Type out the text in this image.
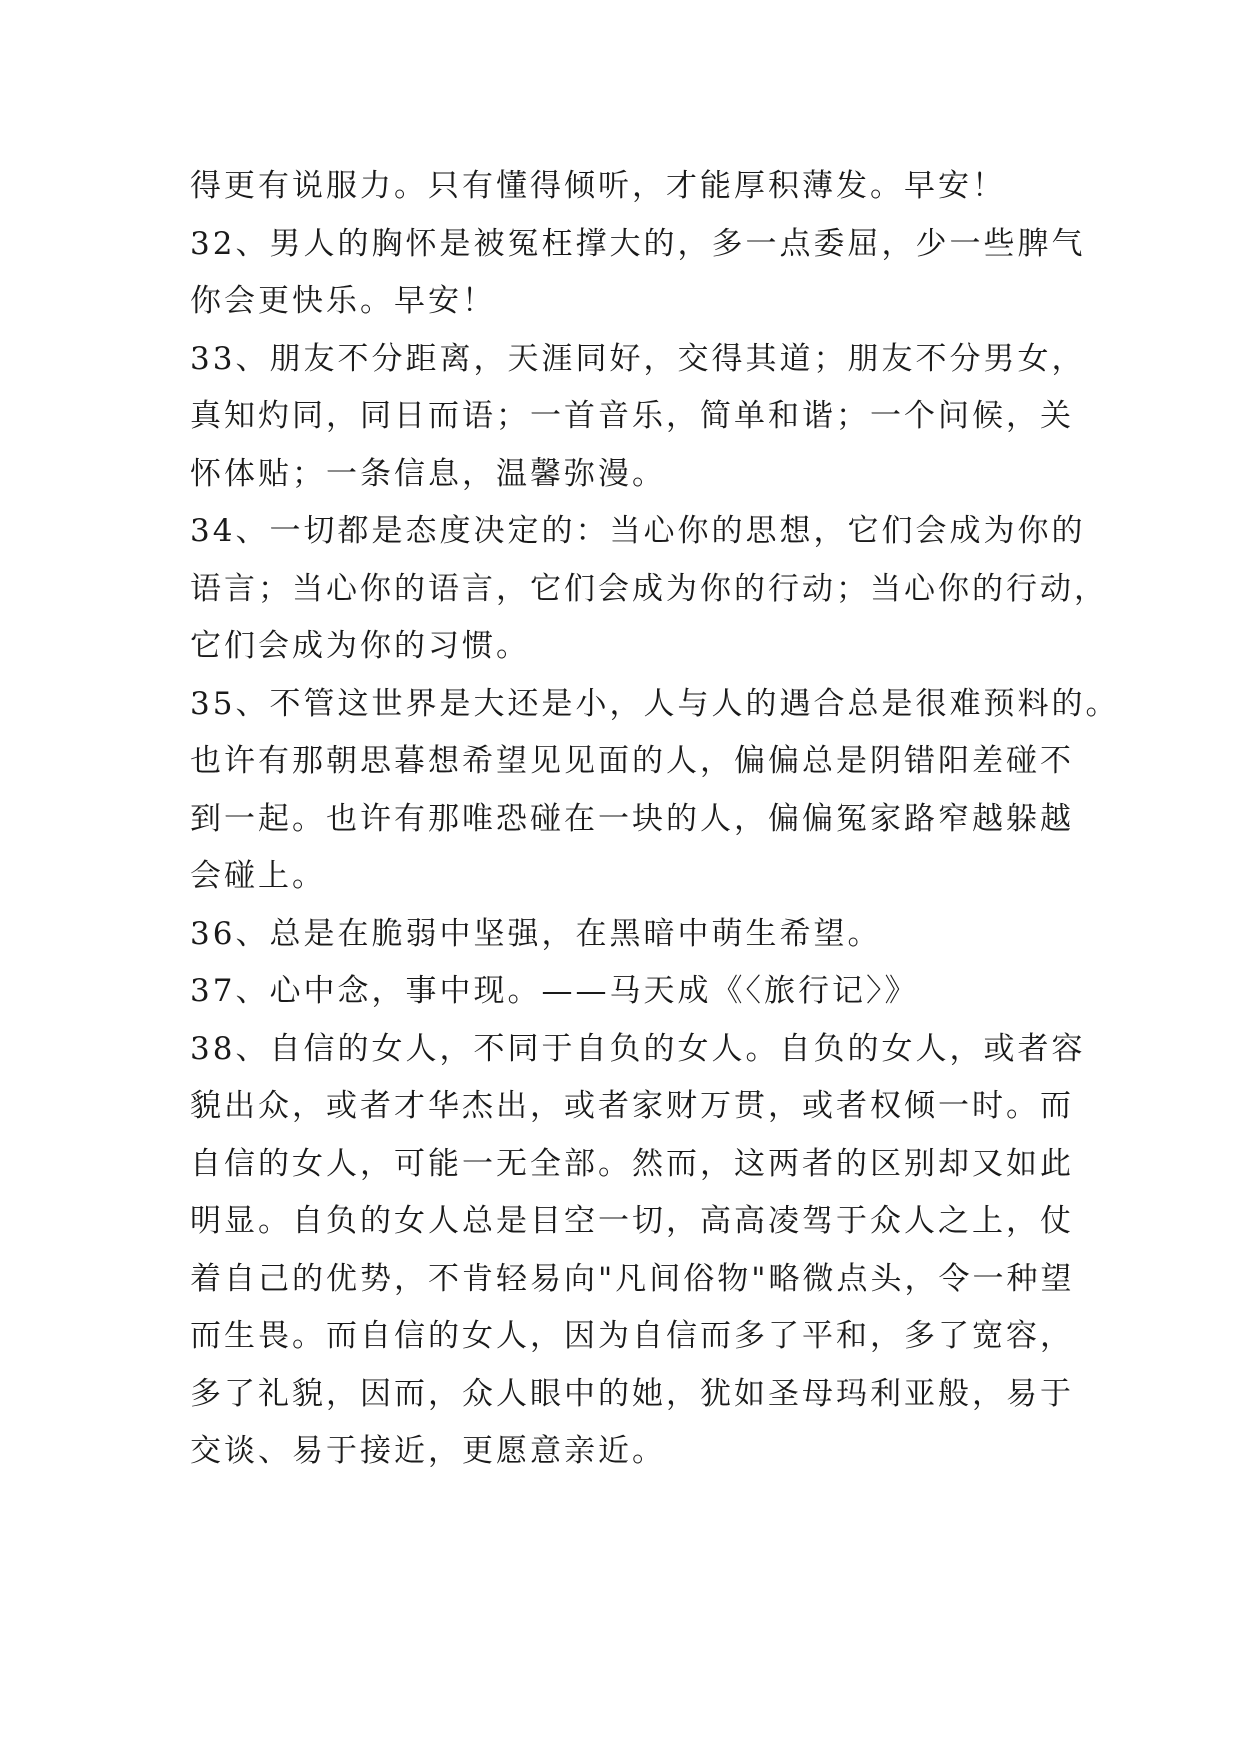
得更有说服力。只有懂得倾听，才能厚积薄发。早安！
32、男人的胸怀是被冤枉撑大的，多一点委屈，少一些脾气
你会更快乐。早安！
33、朋友不分距离，天涯同好，交得其道；朋友不分男女，
真知灼同，同日而语；一首音乐，简单和谐；一个问候，关
怀体贴；一条信息，温馨弥漫。
34、一切都是态度决定的：当心你的思想，它们会成为你的
语言；当心你的语言，它们会成为你的行动；当心你的行动，
它们会成为你的习惯。
35、不管这世界是大还是小，人与人的遇合总是很难预料的。
也许有那朝思暮想希望见见面的人，偏偏总是阴错阳差碰不
到一起。也许有那唯恐碰在一块的人，偏偏冤家路窄越躲越
会碰上。
36、总是在脆弱中坚强，在黑暗中萌生希望。
37、心中念，事中现。——马天成《〈旅行记〉》
38、自信的女人，不同于自负的女人。自负的女人，或者容
貌出众，或者才华杰出，或者家财万贯，或者权倾一时。而
自信的女人，可能一无全部。然而，这两者的区别却又如此
明显。自负的女人总是目空一切，高高凌驾于众人之上，仗
着自己的优势，不肯轻易向"凡间俗物"略微点头，令一种望
而生畏。而自信的女人，因为自信而多了平和，多了宽容，
多了礼貌，因而，众人眼中的她，犹如圣母玛利亚般，易于
交谈、易于接近，更愿意亲近。
